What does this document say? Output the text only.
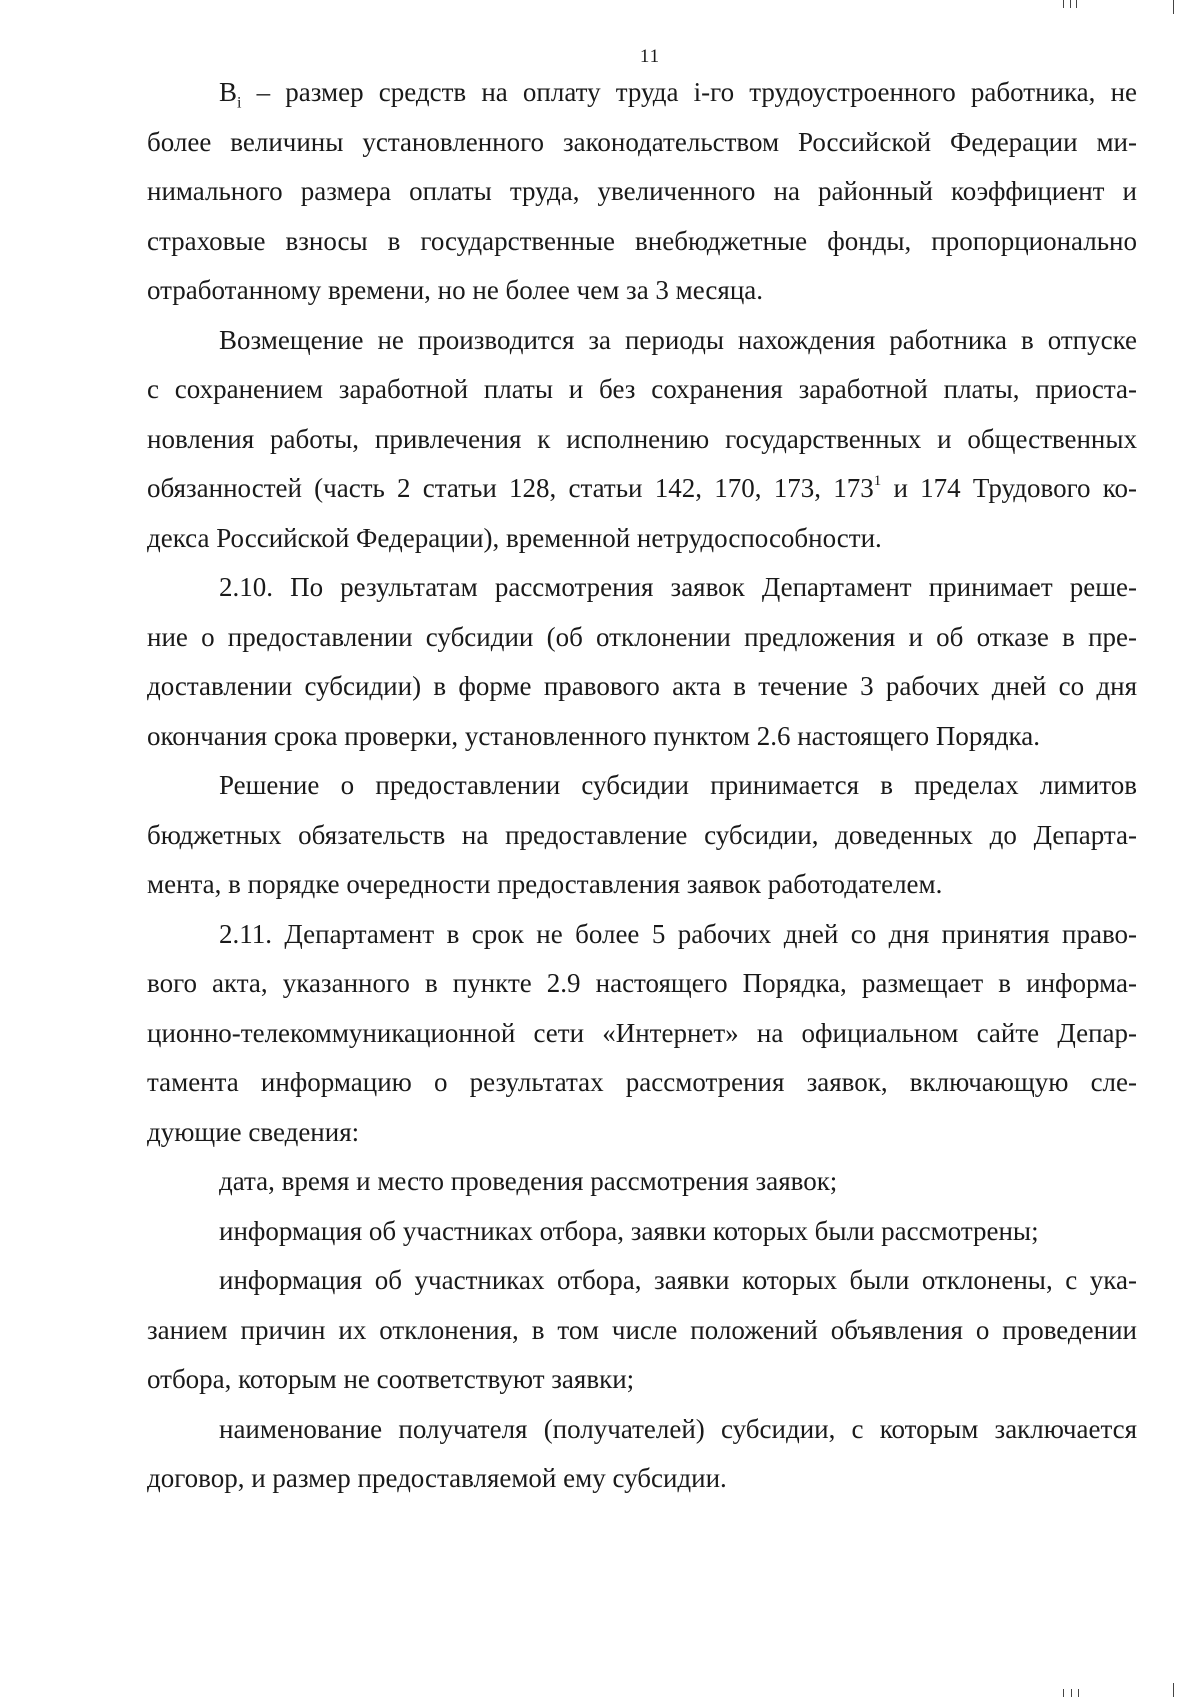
11
$B_i$ – размер средств на оплату труда i-го трудоустроенного работника, не
более величины установленного законодательством Российской Федерации ми-
нимального размера оплаты труда, увеличенного на районный коэффициент и
страховые взносы в государственные внебюджетные фонды, пропорционально
отработанному времени, но не более чем за 3 месяца.
Возмещение не производится за периоды нахождения работника в отпуске
с сохранением заработной платы и без сохранения заработной платы, приоста-
новления работы, привлечения к исполнению государственных и общественных
обязанностей (часть 2 статьи 128, статьи 142, 170, 173, $173^1$ и 174 Трудового ко-
декса Российской Федерации), временной нетрудоспособности.
2.10. По результатам рассмотрения заявок Департамент принимает реше-
ние о предоставлении субсидии (об отклонении предложения и об отказе в пре-
доставлении субсидии) в форме правового акта в течение 3 рабочих дней со дня
окончания срока проверки, установленного пунктом 2.6 настоящего Порядка.
Решение о предоставлении субсидии принимается в пределах лимитов
бюджетных обязательств на предоставление субсидии, доведенных до Департа-
мента, в порядке очередности предоставления заявок работодателем.
2.11. Департамент в срок не более 5 рабочих дней со дня принятия право-
вого акта, указанного в пункте 2.9 настоящего Порядка, размещает в информа-
ционно-телекоммуникационной сети «Интернет» на официальном сайте Депар-
тамента информацию о результатах рассмотрения заявок, включающую сле-
дующие сведения:
дата, время и место проведения рассмотрения заявок;
информация об участниках отбора, заявки которых были рассмотрены;
информация об участниках отбора, заявки которых были отклонены, с ука-
занием причин их отклонения, в том числе положений объявления о проведении
отбора, которым не соответствуют заявки;
наименование получателя (получателей) субсидии, с которым заключается
договор, и размер предоставляемой ему субсидии.
